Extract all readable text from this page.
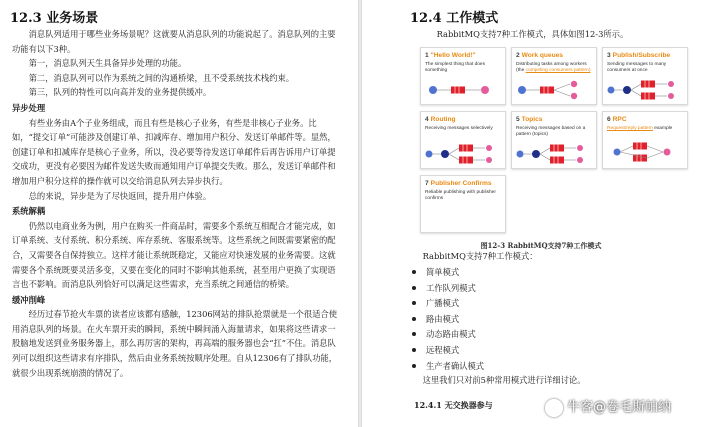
12.3 业务场景

消息队列适用于哪些业务场景呢？这就要从消息队列的功能说起了。消息队列的主要功能有以下3种。

第一，消息队列天生具备异步处理的功能。

第二，消息队列可以作为系统之间的沟通桥梁，且不受系统技术栈约束。

第三，队列的特性可以向高并发的业务提供缓冲。

异步处理

有些业务由A个子业务组成，而且有些是核心子业务，有些是非核心子业务。比如，“提交订单”可能涉及创建订单、扣减库存、增加用户积分、发送订单邮件等。显然，创建订单和扣减库存是核心子业务，所以，没必要等待发送订单邮件后再告诉用户订单提交成功，更没有必要因为邮件发送失败而通知用户订单提交失败。那么，发送订单邮件和增加用户积分这样的操作就可以交给消息队列去异步执行。

总的来说，异步是为了尽快返回，提升用户体验。

系统解耦

仍然以电商业务为例，用户在购买一件商品时，需要多个系统互相配合才能完成，如订单系统、支付系统、积分系统、库存系统、客服系统等。这些系统之间既需要紧密的配合，又需要各自保持独立。这样才能让系统既稳定，又能应对快速发展的业务需要。这就需要各个系统既要灵活多变，又要在变化的同时不影响其他系统，甚至用户更换了实现语言也不影响。而消息队列恰好可以满足这些需求，充当系统之间通信的桥梁。

缓冲削峰

经历过春节抢火车票的读者应该都有感触，12306网站的排队抢票就是一个很适合使用消息队列的场景。在火车票开卖的瞬间，系统中瞬间涌入海量请求，如果将这些请求一股脑地发送到业务服务器上，那么再厉害的架构，再高端的服务器也会“扛”不住。消息队列可以组织这些请求有序排队，然后由业务系统按顺序处理。自从12306有了排队功能，就很少出现系统崩溃的情况了。

12.4 工作模式

RabbitMQ支持7种工作模式，具体如图12-3所示。

1 "Hello World!"
The simplest thing that does something
2 Work queues
Distributing tasks among workers (the competing consumers pattern)
3 Publish/Subscribe
Sending messages to many consumers at once
4 Routing
Receiving messages selectively
5 Topics
Receiving messages based on a pattern (topics)
6 RPC
Request/reply pattern example
7 Publisher Confirms
Reliable publishing with publisher confirms
图12-3 RabbitMQ支持7种工作模式

RabbitMQ支持7种工作模式：

简单模式
工作队列模式
广播模式
路由模式
动态路由模式
远程模式
生产者确认模式

这里我们只对前5种常用模式进行详细讨论。

12.4.1 无交换器参与	牛客@卷毛斯帕纳
